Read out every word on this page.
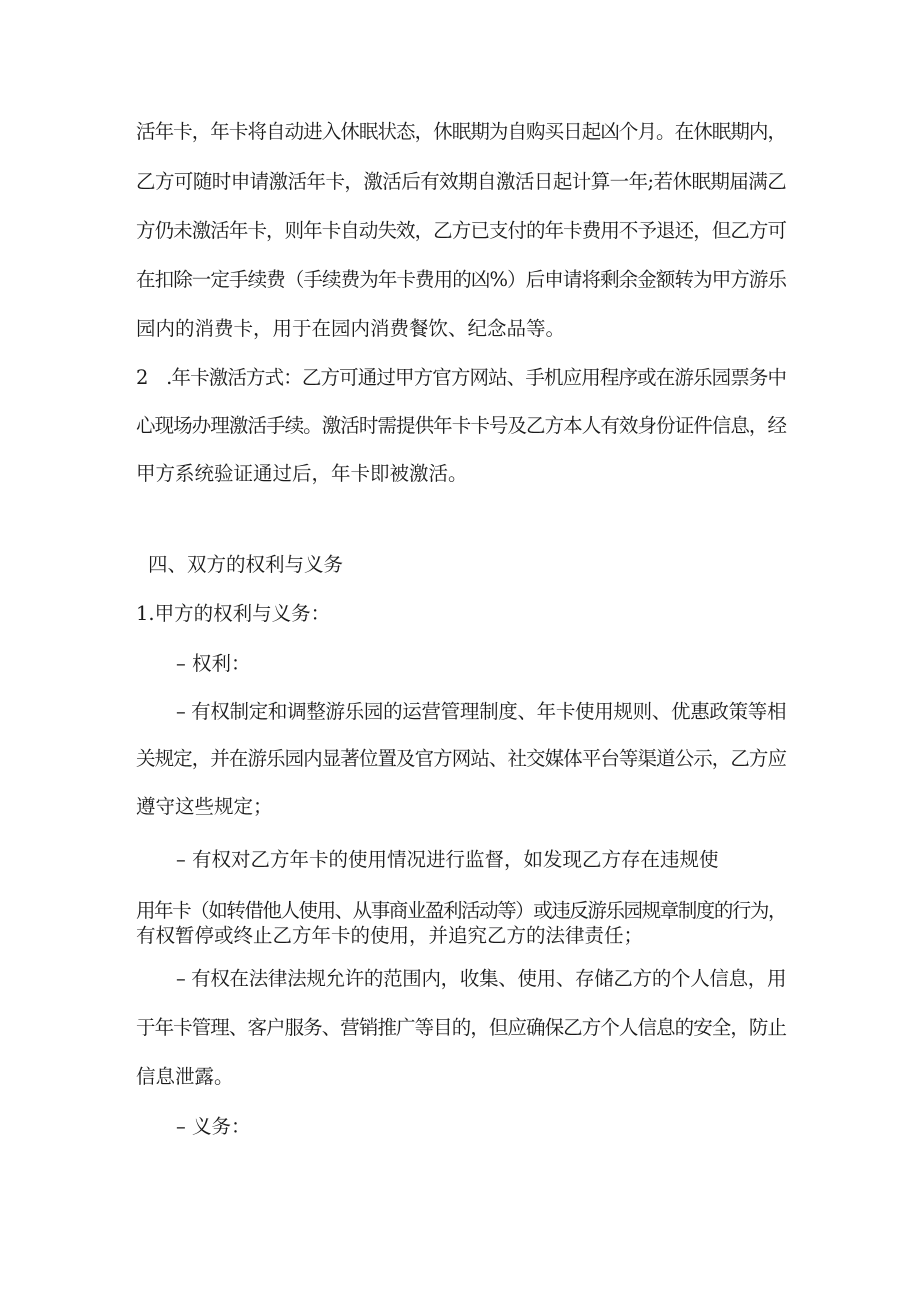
活年卡，年卡将自动进入休眠状态，休眠期为自购买日起凶个月。在休眠期内，
乙方可随时申请激活年卡，激活后有效期自激活日起计算一年;若休眠期届满乙
方仍未激活年卡，则年卡自动失效，乙方已支付的年卡费用不予退还，但乙方可
在扣除一定手续费（手续费为年卡费用的凶%）后申请将剩余金额转为甲方游乐
园内的消费卡，用于在园内消费餐饮、纪念品等。
2　.年卡激活方式：乙方可通过甲方官方网站、手机应用程序或在游乐园票务中
心现场办理激活手续。激活时需提供年卡卡号及乙方本人有效身份证件信息，经
甲方系统验证通过后，年卡即被激活。
四、双方的权利与义务
1.甲方的权利与义务：
– 权利：
– 有权制定和调整游乐园的运营管理制度、年卡使用规则、优惠政策等相
关规定，并在游乐园内显著位置及官方网站、社交媒体平台等渠道公示，乙方应
遵守这些规定；
– 有权对乙方年卡的使用情况进行监督，如发现乙方存在违规使
用年卡（如转借他人使用、从事商业盈利活动等）或违反游乐园规章制度的行为，
有权暂停或终止乙方年卡的使用，并追究乙方的法律责任；
– 有权在法律法规允许的范围内，收集、使用、存储乙方的个人信息，用
于年卡管理、客户服务、营销推广等目的，但应确保乙方个人信息的安全，防止
信息泄露。
– 义务：
